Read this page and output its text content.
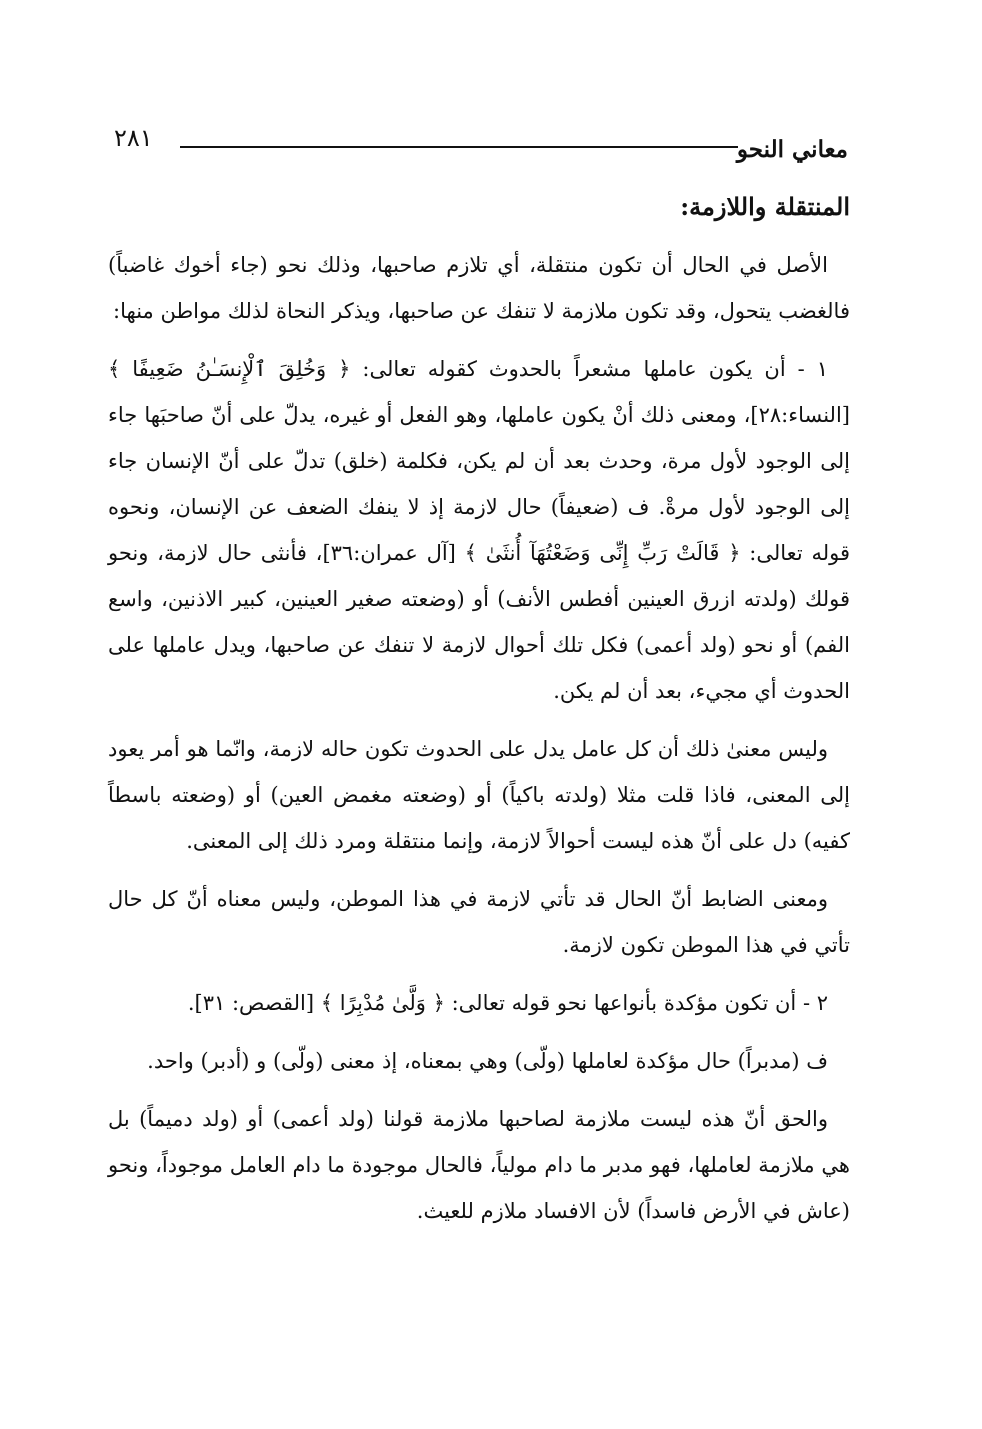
٢٨١	معاني النحو
المنتقلة واللازمة:

الأصل في الحال أن تكون منتقلة، أي تلازم صاحبها، وذلك نحو (جاء أخوك غاضباً) فالغضب يتحول، وقد تكون ملازمة لا تنفك عن صاحبها، ويذكر النحاة لذلك مواطن منها:

١ - أن يكون عاملها مشعراً بالحدوث كقوله تعالى: ﴿ وَخُلِقَ ٱلْإِنسَـٰنُ ضَعِيفًا ﴾ [النساء:٢٨]، ومعنى ذلك أنْ يكون عاملها، وهو الفعل أو غيره، يدلّ على أنّ صاحبَها جاء إلى الوجود لأول مرة، وحدث بعد أن لم يكن، فكلمة (خلق) تدلّ على أنّ الإنسان جاء إلى الوجود لأول مرةْ. ف (ضعيفاً) حال لازمة إذ لا ينفك الضعف عن الإنسان، ونحوه قوله تعالى: ﴿ قَالَتْ رَبِّ إِنِّى وَضَعْتُهَآ أُنثَىٰ ﴾ [آل عمران:٣٦]، فأنثى حال لازمة، ونحو قولك (ولدته ازرق العينين أفطس الأنف) أو (وضعته صغير العينين، كبير الاذنين، واسع الفم) أو نحو (ولد أعمى) فكل تلك أحوال لازمة لا تنفك عن صاحبها، ويدل عاملها على الحدوث أي مجيء، بعد أن لم يكن.

وليس معنىٰ ذلك أن كل عامل يدل على الحدوث تكون حاله لازمة، وانّما هو أمر يعود إلى المعنى، فاذا قلت مثلا (ولدته باكياً) أو (وضعته مغمض العين) أو (وضعته باسطاً كفيه) دل على أنّ هذه ليست أحوالاً لازمة، وإنما منتقلة ومرد ذلك إلى المعنى.

ومعنى الضابط أنّ الحال قد تأتي لازمة في هذا الموطن، وليس معناه أنّ كل حال تأتي في هذا الموطن تكون لازمة.

٢ - أن تكون مؤكدة بأنواعها نحو قوله تعالى: ﴿ وَلَّىٰ مُدْبِرًا ﴾ [القصص: ٣١].

ف (مدبراً) حال مؤكدة لعاملها (ولّى) وهي بمعناه، إذ معنى (ولّى) و (أدبر) واحد.

والحق أنّ هذه ليست ملازمة لصاحبها ملازمة قولنا (ولد أعمى) أو (ولد دميماً) بل هي ملازمة لعاملها، فهو مدبر ما دام مولياً، فالحال موجودة ما دام العامل موجوداً، ونحو (عاش في الأرض فاسداً) لأن الافساد ملازم للعيث.
